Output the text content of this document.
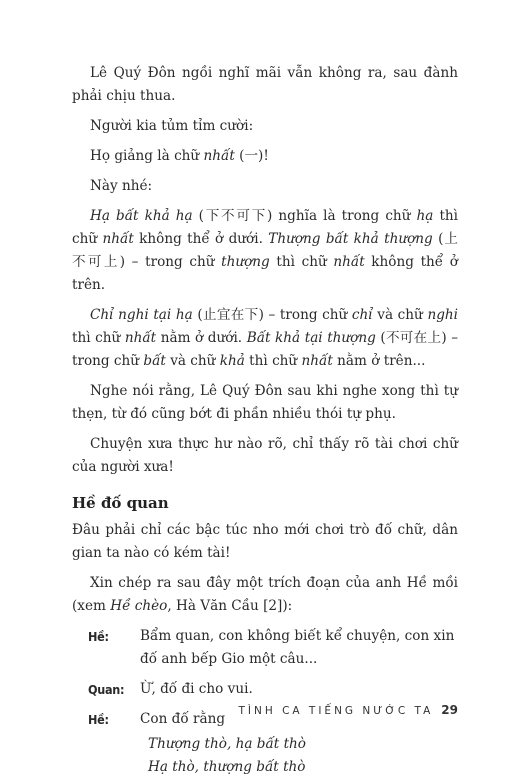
Lê Quý Đôn ngồi nghĩ mãi vẫn không ra, sau đành phải chịu thua.

Người kia tủm tỉm cười:

Họ giảng là chữ nhất (一)!

Này nhé:

Hạ bất khả hạ (下不可下) nghĩa là trong chữ hạ thì chữ nhất không thể ở dưới. Thượng bất khả thượng (上不可上) – trong chữ thượng thì chữ nhất không thể ở trên.

Chỉ nghi tại hạ (止宜在下) – trong chữ chỉ và chữ nghi thì chữ nhất nằm ở dưới. Bất khả tại thượng (不可在上) – trong chữ bất và chữ khả thì chữ nhất nằm ở trên...

Nghe nói rằng, Lê Quý Đôn sau khi nghe xong thì tự thẹn, từ đó cũng bớt đi phần nhiều thói tự phụ.

Chuyện xưa thực hư nào rõ, chỉ thấy rõ tài chơi chữ của người xưa!

Hề đố quan

Đâu phải chỉ các bậc túc nho mới chơi trò đố chữ, dân gian ta nào có kém tài!

Xin chép ra sau đây một trích đoạn của anh Hề mồi (xem Hề chèo, Hà Văn Cầu [2]):

Hề:	Bẩm quan, con không biết kể chuyện, con xin đố anh bếp Gio một câu...
Quan:	Ừ, đố đi cho vui.
Hề:	Con đố rằng
Thượng thò, hạ bất thò
Hạ thò, thượng bất thò
TÌNH CA TIẾNG NƯỚC TA 29
